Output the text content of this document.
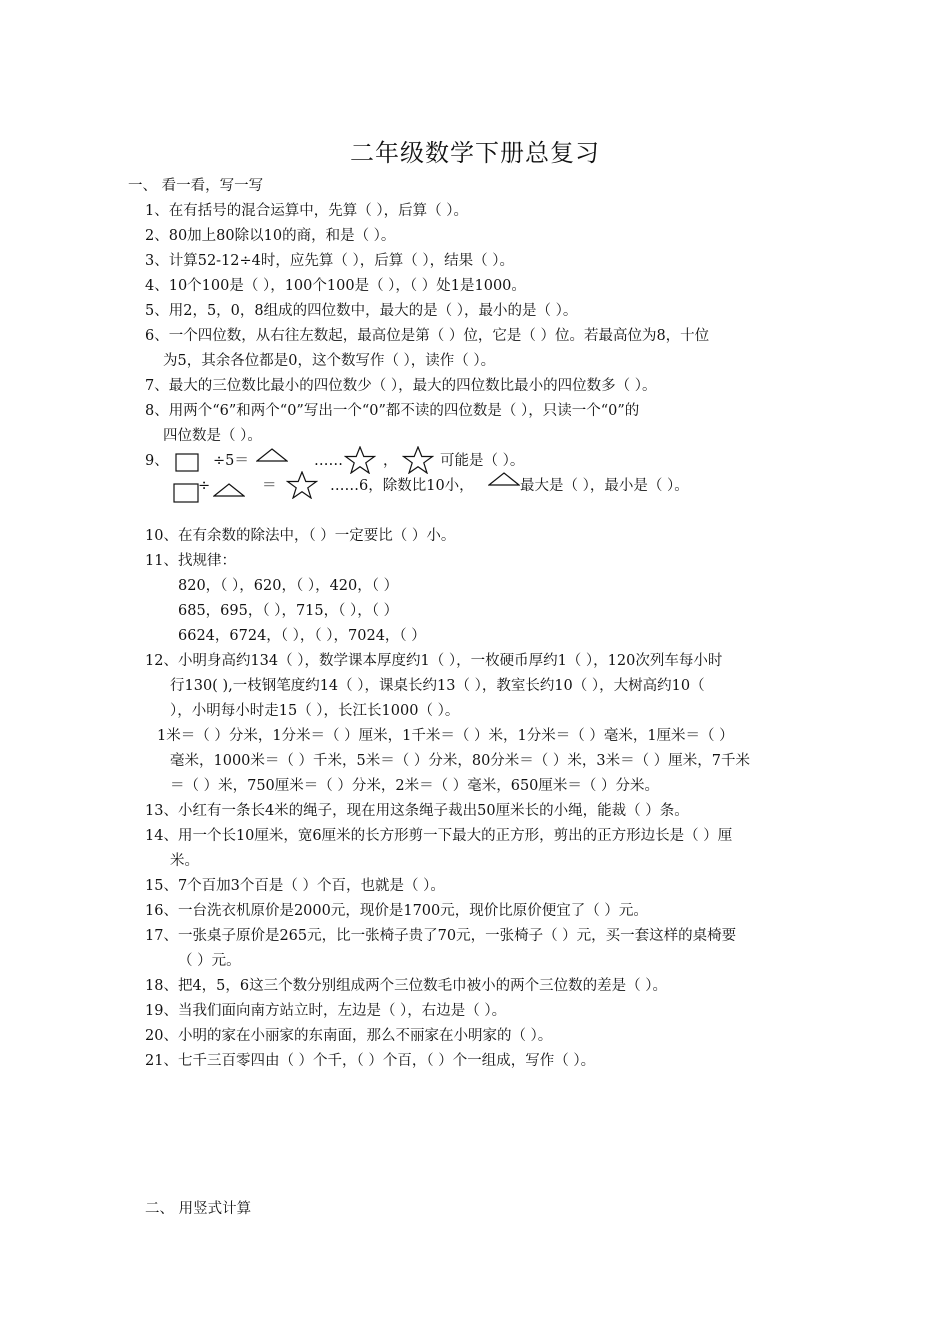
二年级数学下册总复习
一、 看一看，写一写
1、在有括号的混合运算中，先算（ ），后算（ ）。
2、80加上80除以10的商，和是（ ）。
3、计算52-12÷4时，应先算（ ），后算（ ），结果（ ）。
4、10个100是（ ），100个100是（ ），（ ）处1是1000。
5、用2，5，0，8组成的四位数中，最大的是（ ），最小的是（ ）。
6、一个四位数，从右往左数起，最高位是第（ ）位，它是（ ）位。若最高位为8，十位
为5，其余各位都是0，这个数写作（ ），读作（ ）。
7、最大的三位数比最小的四位数少（ ），最大的四位数比最小的四位数多（ ）。
8、用两个“6”和两个“0”写出一个“0”都不读的四位数是（ ），只读一个“0”的
四位数是（ ）。
9、	÷5＝	……	，	可能是（ ）。
÷	＝	……6，除数比10小，	最大是（ ），最小是（ ）。
10、在有余数的除法中，（ ）一定要比（ ）小。
11、找规律：
820，（ ），620，（ ），420，（ ）
685，695，（ ），715，（ ），（ ）
6624，6724，（ ），（ ），7024，（ ）
12、小明身高约134（ ），数学课本厚度约1（ ），一枚硬币厚约1（ ），120次列车每小时
行130( ),一枝钢笔度约14（ ），课桌长约13（ ），教室长约10（ ），大树高约10（
），小明每小时走15（ ），长江长1000（ ）。
1米＝（ ）分米，1分米＝（ ）厘米，1千米＝（ ）米，1分米＝（ ）毫米，1厘米＝（ ）
毫米，1000米＝（ ）千米，5米＝（ ）分米，80分米＝（ ）米，3米＝（ ）厘米，7千米
＝（ ）米，750厘米＝（ ）分米，2米＝（ ）毫米，650厘米＝（ ）分米。
13、小红有一条长4米的绳子，现在用这条绳子裁出50厘米长的小绳，能裁（ ）条。
14、用一个长10厘米，宽6厘米的长方形剪一下最大的正方形，剪出的正方形边长是（ ）厘
米。
15、7个百加3个百是（ ）个百，也就是（ ）。
16、一台洗衣机原价是2000元，现价是1700元，现价比原价便宜了（ ）元。
17、一张桌子原价是265元，比一张椅子贵了70元，一张椅子（ ）元，买一套这样的桌椅要
（ ）元。
18、把4，5，6这三个数分别组成两个三位数毛巾被小的两个三位数的差是（ ）。
19、当我们面向南方站立时，左边是（ ），右边是（ ）。
20、小明的家在小丽家的东南面，那么不丽家在小明家的（ ）。
21、七千三百零四由（ ）个千，（ ）个百，（ ）个一组成，写作（ ）。
二、 用竖式计算
